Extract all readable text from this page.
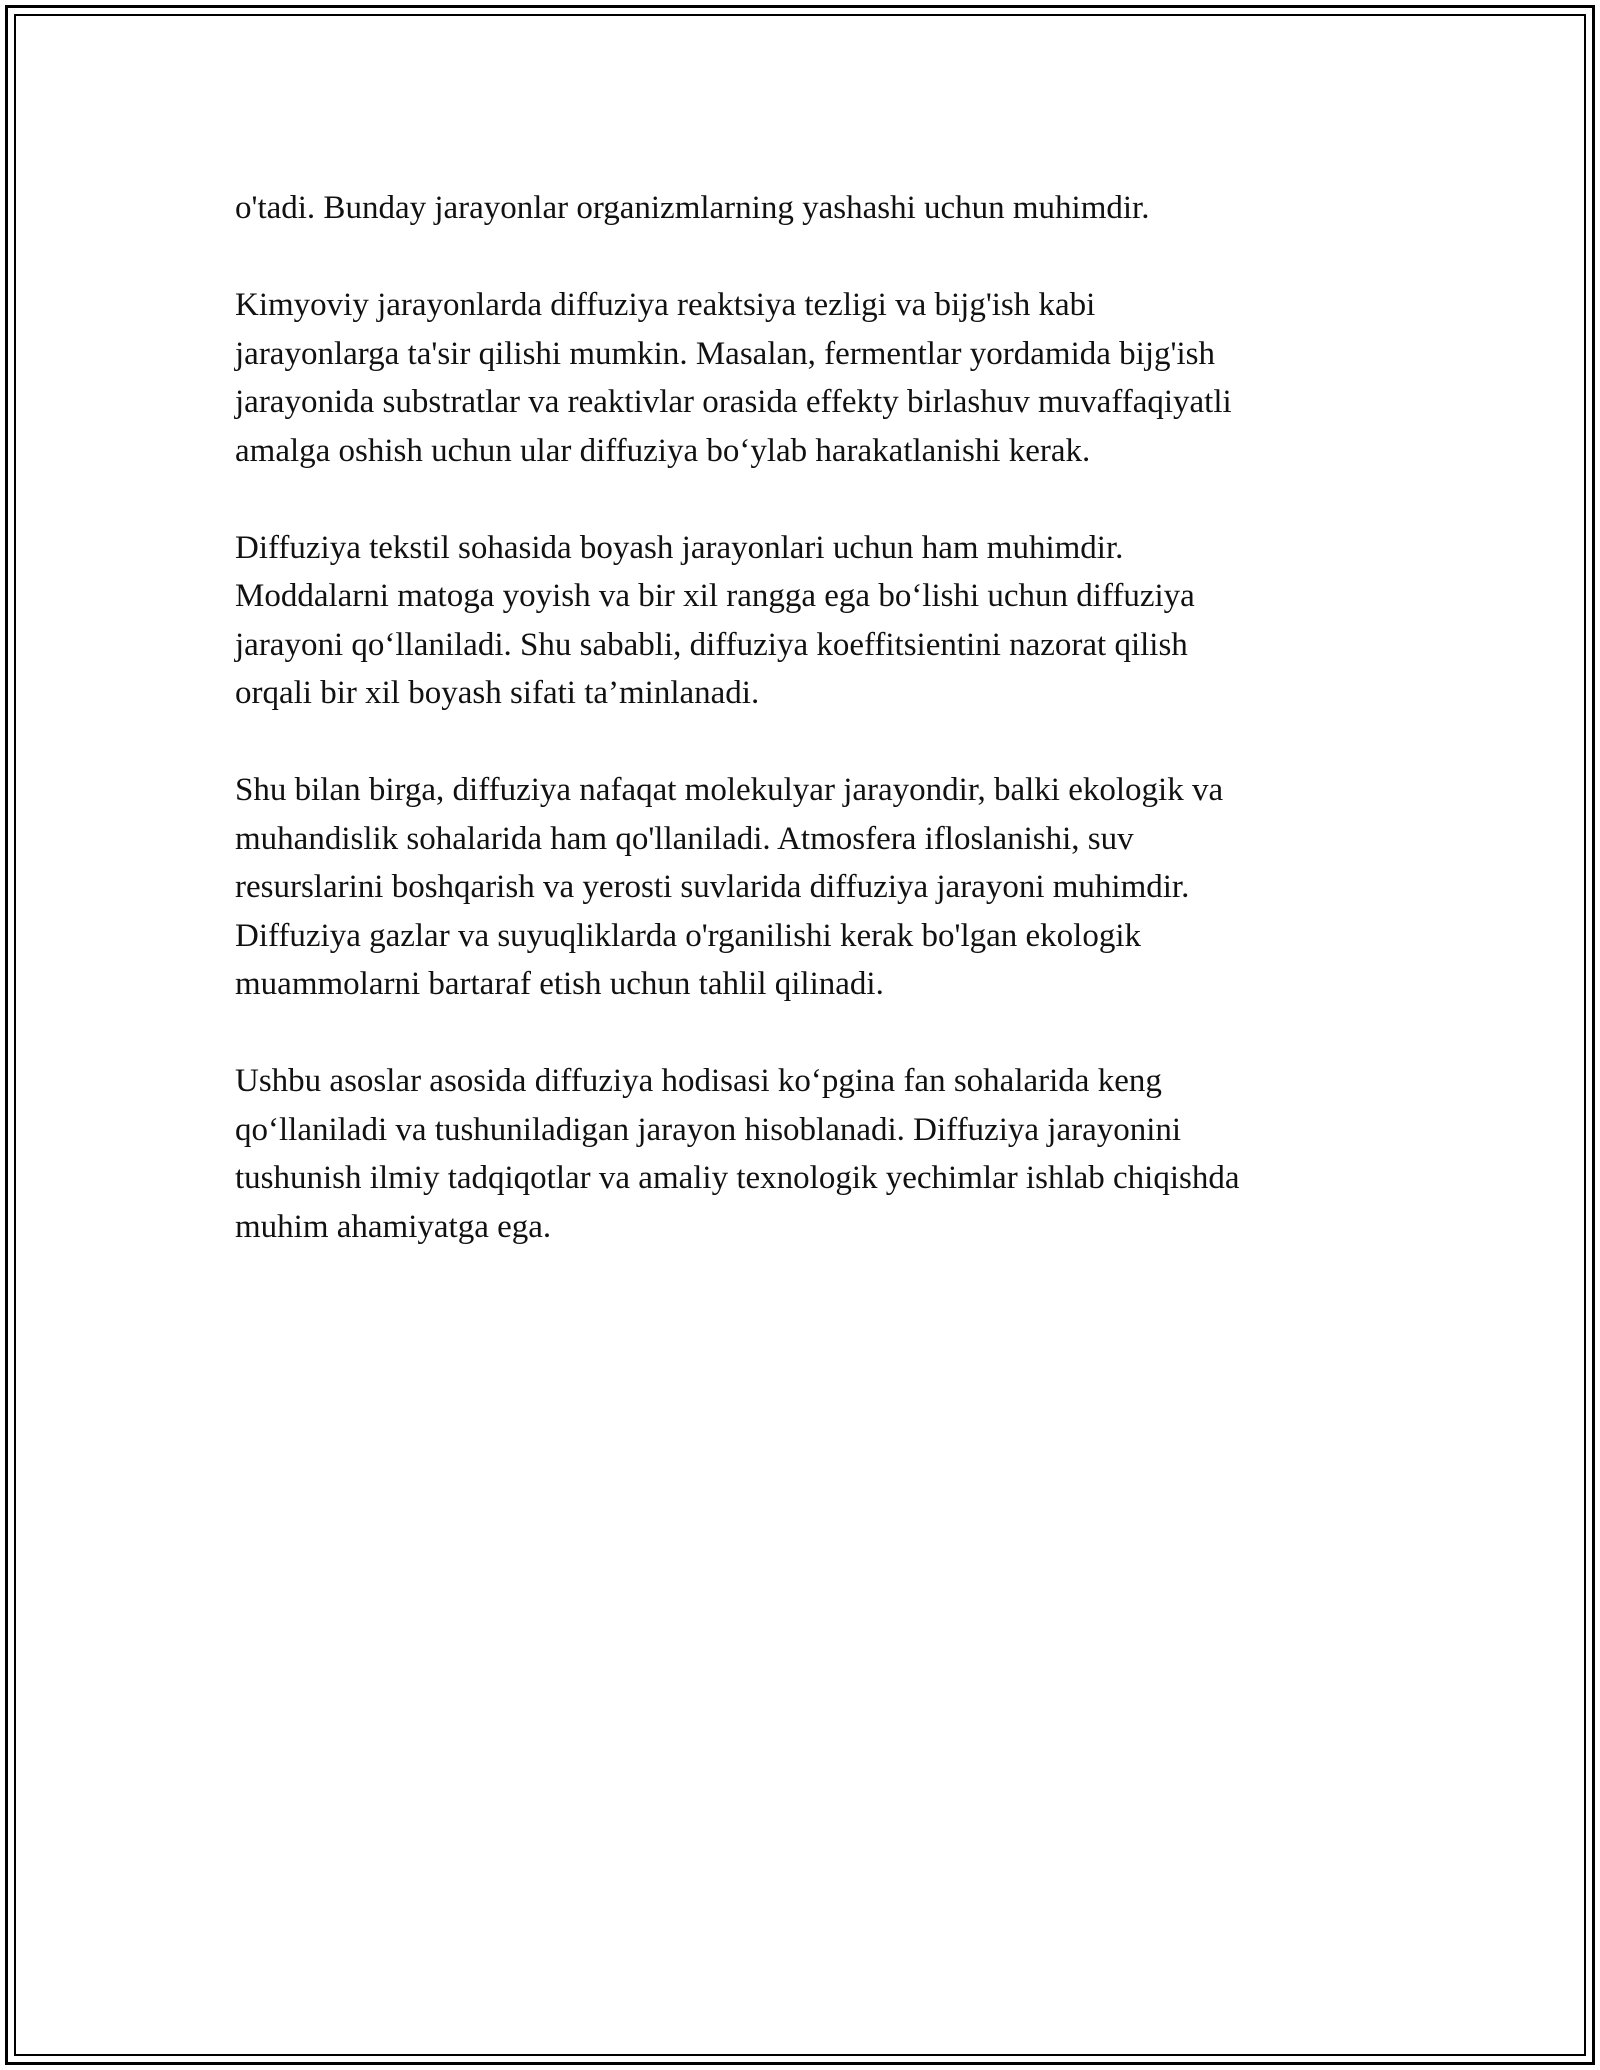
o'tadi. Bunday jarayonlar organizmlarning yashashi uchun muhimdir.

Kimyoviy jarayonlarda diffuziya reaktsiya tezligi va bijg'ish kabi
jarayonlarga ta'sir qilishi mumkin. Masalan, fermentlar yordamida bijg'ish
jarayonida substratlar va reaktivlar orasida effekty birlashuv muvaffaqiyatli
amalga oshish uchun ular diffuziya bo‘ylab harakatlanishi kerak.

Diffuziya tekstil sohasida boyash jarayonlari uchun ham muhimdir.
Moddalarni matoga yoyish va bir xil rangga ega bo‘lishi uchun diffuziya
jarayoni qo‘llaniladi. Shu sababli, diffuziya koeffitsientini nazorat qilish
orqali bir xil boyash sifati ta’minlanadi.

Shu bilan birga, diffuziya nafaqat molekulyar jarayondir, balki ekologik va
muhandislik sohalarida ham qo'llaniladi. Atmosfera ifloslanishi, suv
resurslarini boshqarish va yerosti suvlarida diffuziya jarayoni muhimdir.
Diffuziya gazlar va suyuqliklarda o'rganilishi kerak bo'lgan ekologik
muammolarni bartaraf etish uchun tahlil qilinadi.

Ushbu asoslar asosida diffuziya hodisasi ko‘pgina fan sohalarida keng
qo‘llaniladi va tushuniladigan jarayon hisoblanadi. Diffuziya jarayonini
tushunish ilmiy tadqiqotlar va amaliy texnologik yechimlar ishlab chiqishda
muhim ahamiyatga ega.
